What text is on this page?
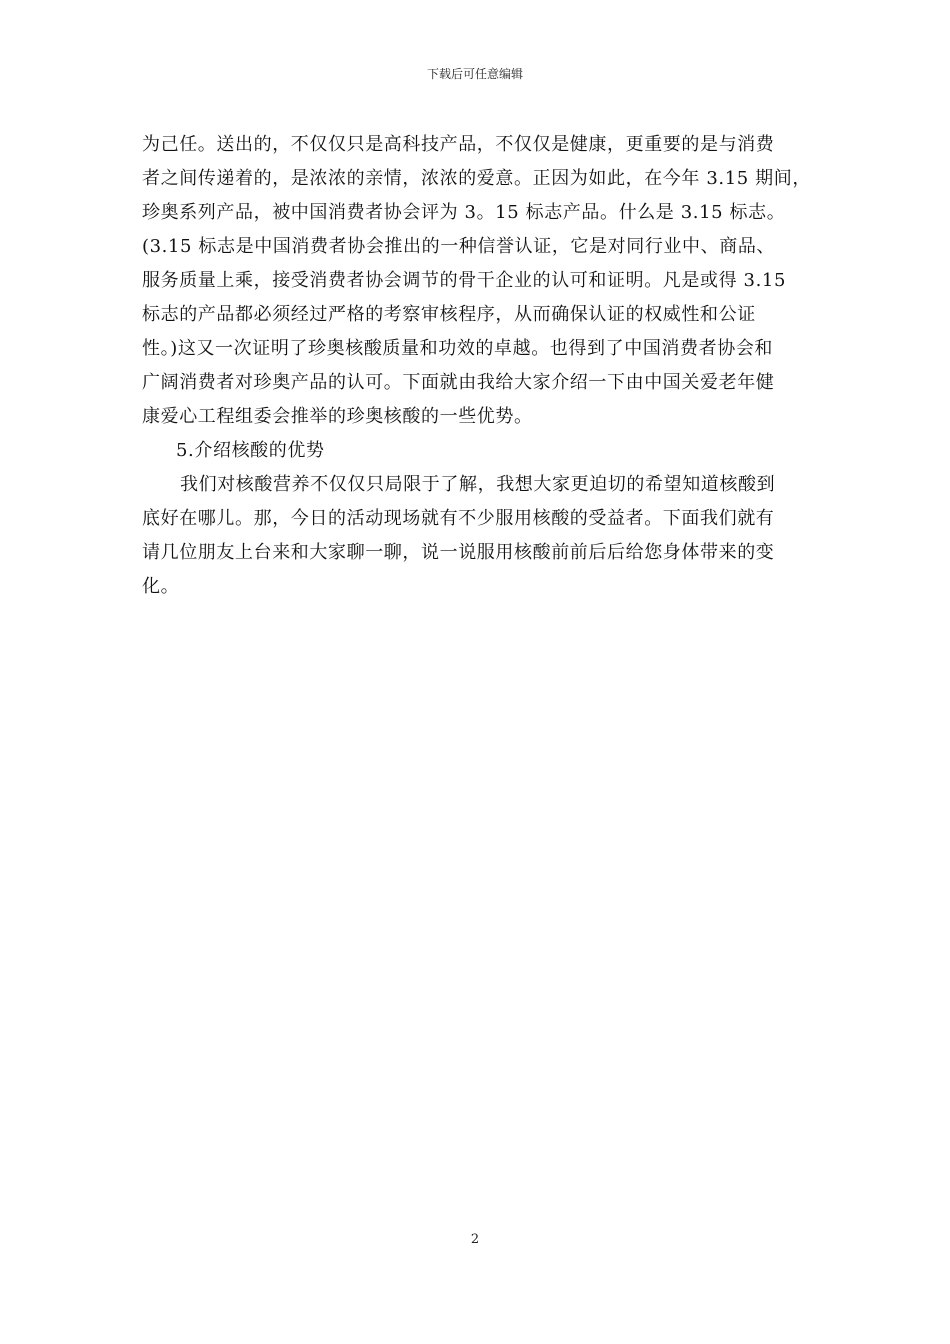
下载后可任意编辑

为己任。送出的，不仅仅只是高科技产品，不仅仅是健康，更重要的是与消费
者之间传递着的，是浓浓的亲情，浓浓的爱意。正因为如此，在今年 3.15 期间，
珍奥系列产品，被中国消费者协会评为 3。15 标志产品。什么是 3.15 标志。
(3.15 标志是中国消费者协会推出的一种信誉认证，它是对同行业中、商品、
服务质量上乘，接受消费者协会调节的骨干企业的认可和证明。凡是或得 3.15
标志的产品都必须经过严格的考察审核程序，从而确保认证的权威性和公证
性。)这又一次证明了珍奥核酸质量和功效的卓越。也得到了中国消费者协会和
广阔消费者对珍奥产品的认可。下面就由我给大家介绍一下由中国关爱老年健
康爱心工程组委会推举的珍奥核酸的一些优势。

5.介绍核酸的优势

我们对核酸营养不仅仅只局限于了解，我想大家更迫切的希望知道核酸到
底好在哪儿。那，今日的活动现场就有不少服用核酸的受益者。下面我们就有
请几位朋友上台来和大家聊一聊，说一说服用核酸前前后后给您身体带来的变
化。

2
